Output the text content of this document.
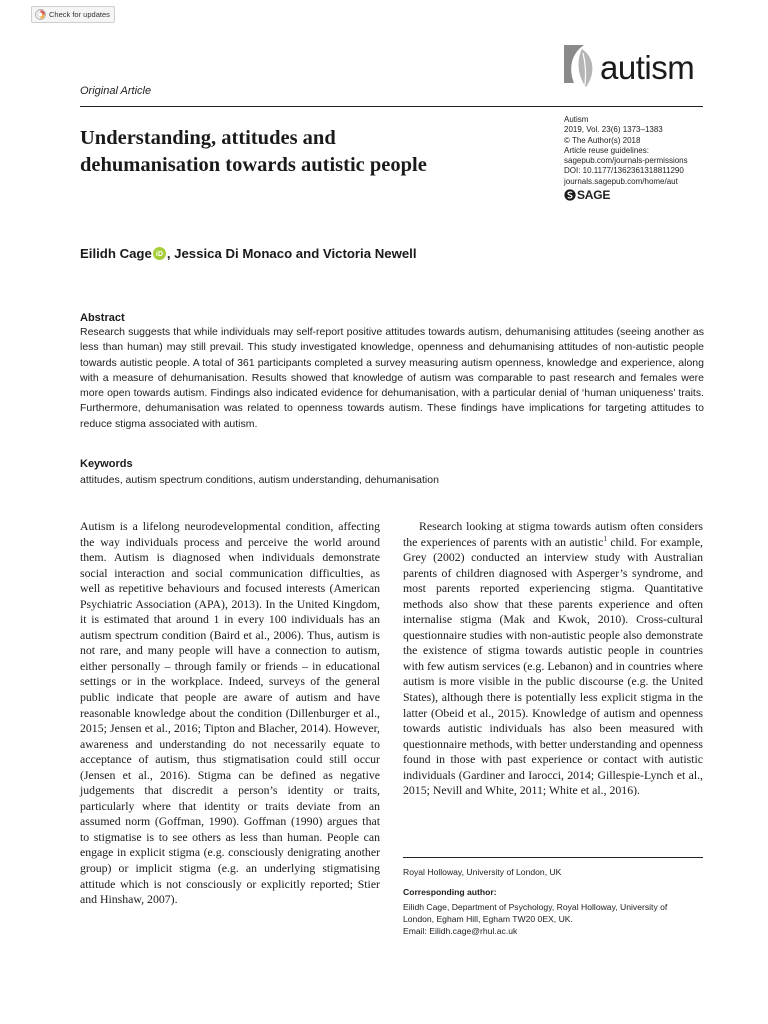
Check for updates
Original Article
autism
Autism
2019, Vol. 23(6) 1373–1383
© The Author(s) 2018
Article reuse guidelines:
sagepub.com/journals-permissions
DOI: 10.1177/1362361318811290
journals.sagepub.com/home/aut
SAGE
Understanding, attitudes and dehumanisation towards autistic people
Eilidh Cage iD , Jessica Di Monaco and Victoria Newell
Abstract

Research suggests that while individuals may self-report positive attitudes towards autism, dehumanising attitudes (seeing another as less than human) may still prevail. This study investigated knowledge, openness and dehumanising attitudes of non-autistic people towards autistic people. A total of 361 participants completed a survey measuring autism openness, knowledge and experience, along with a measure of dehumanisation. Results showed that knowledge of autism was comparable to past research and females were more open towards autism. Findings also indicated evidence for dehumanisation, with a particular denial of ‘human uniqueness’ traits. Furthermore, dehumanisation was related to openness towards autism. These findings have implications for targeting attitudes to reduce stigma associated with autism.

Keywords
attitudes, autism spectrum conditions, autism understanding, dehumanisation

Autism is a lifelong neurodevelopmental condition, affecting the way individuals process and perceive the world around them. Autism is diagnosed when individuals demonstrate social interaction and social communication difficulties, as well as repetitive behaviours and focused interests (American Psychiatric Association (APA), 2013). In the United Kingdom, it is estimated that around 1 in every 100 individuals has an autism spectrum condition (Baird et al., 2006). Thus, autism is not rare, and many people will have a connection to autism, either personally – through family or friends – in educational settings or in the workplace. Indeed, surveys of the general public indicate that people are aware of autism and have reasonable knowledge about the condition (Dillenburger et al., 2015; Jensen et al., 2016; Tipton and Blacher, 2014). However, awareness and understanding do not necessarily equate to acceptance of autism, thus stigmatisation could still occur (Jensen et al., 2016). Stigma can be defined as negative judgements that discredit a person’s identity or traits, particularly where that identity or traits deviate from an assumed norm (Goffman, 1990). Goffman (1990) argues that to stigmatise is to see others as less than human. People can engage in explicit stigma (e.g. consciously denigrating another group) or implicit stigma (e.g. an underlying stigmatising attitude which is not consciously or explicitly reported; Stier and Hinshaw, 2007).

Research looking at stigma towards autism often considers the experiences of parents with an autistic$^1$ child. For example, Grey (2002) conducted an interview study with Australian parents of children diagnosed with Asperger’s syndrome, and most parents reported experiencing stigma. Quantitative methods also show that these parents experience and often internalise stigma (Mak and Kwok, 2010). Cross-cultural questionnaire studies with non-autistic people also demonstrate the existence of stigma towards autistic people in countries with few autism services (e.g. Lebanon) and in countries where autism is more visible in the public discourse (e.g. the United States), although there is potentially less explicit stigma in the latter (Obeid et al., 2015). Knowledge of autism and openness towards autistic individuals has also been measured with questionnaire methods, with better understanding and openness found in those with past experience or contact with autistic individuals (Gardiner and Iarocci, 2014; Gillespie-Lynch et al., 2015; Nevill and White, 2011; White et al., 2016).

Royal Holloway, University of London, UK
Corresponding author:
Eilidh Cage, Department of Psychology, Royal Holloway, University of
London, Egham Hill, Egham TW20 0EX, UK.
Email: Eilidh.cage@rhul.ac.uk
